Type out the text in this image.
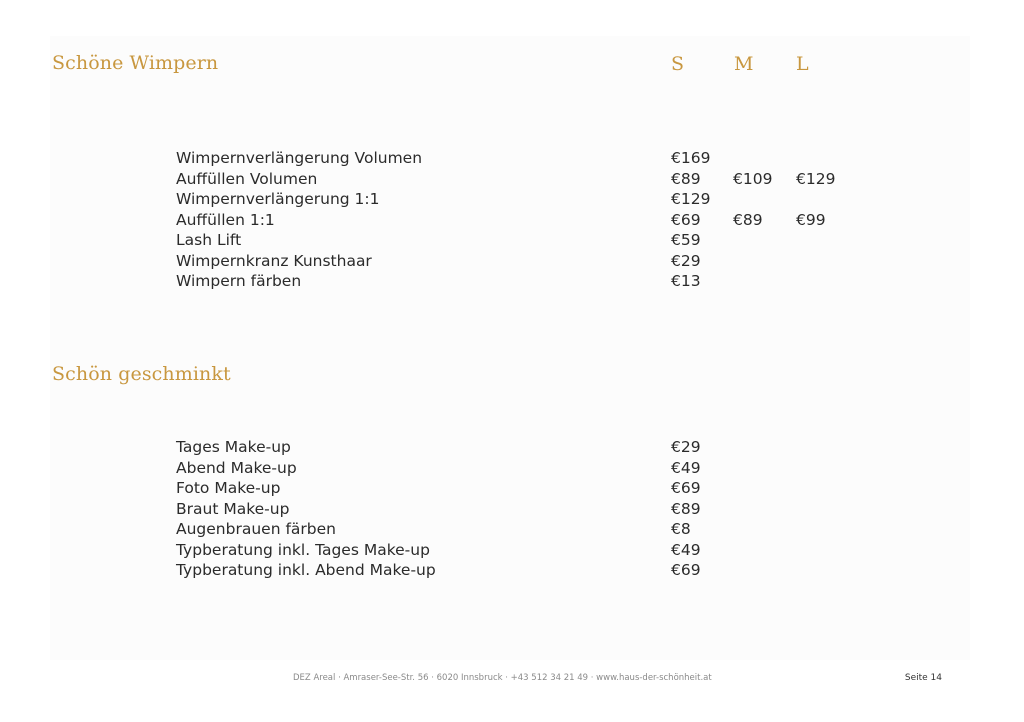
Schöne Wimpern	S	M L
Wimpernverlängerung Volumen	€169
Auffüllen Volumen	€89 €109 €129
Wimpernverlängerung 1:1	€129
Auffüllen 1:1	€69 €89 €99
Lash Lift	€59
Wimpernkranz Kunsthaar	€29
Wimpern färben	€13
Schön geschminkt
Tages Make-up	€29
Abend Make-up	€49
Foto Make-up	€69
Braut Make-up	€89
Augenbrauen färben	€8
Typberatung inkl. Tages Make-up	€49
Typberatung inkl. Abend Make-up	€69
DEZ Areal · Amraser-See-Str. 56 · 6020 Innsbruck · +43 512 34 21 49 · www.haus-der-schönheit.at	Seite 14
